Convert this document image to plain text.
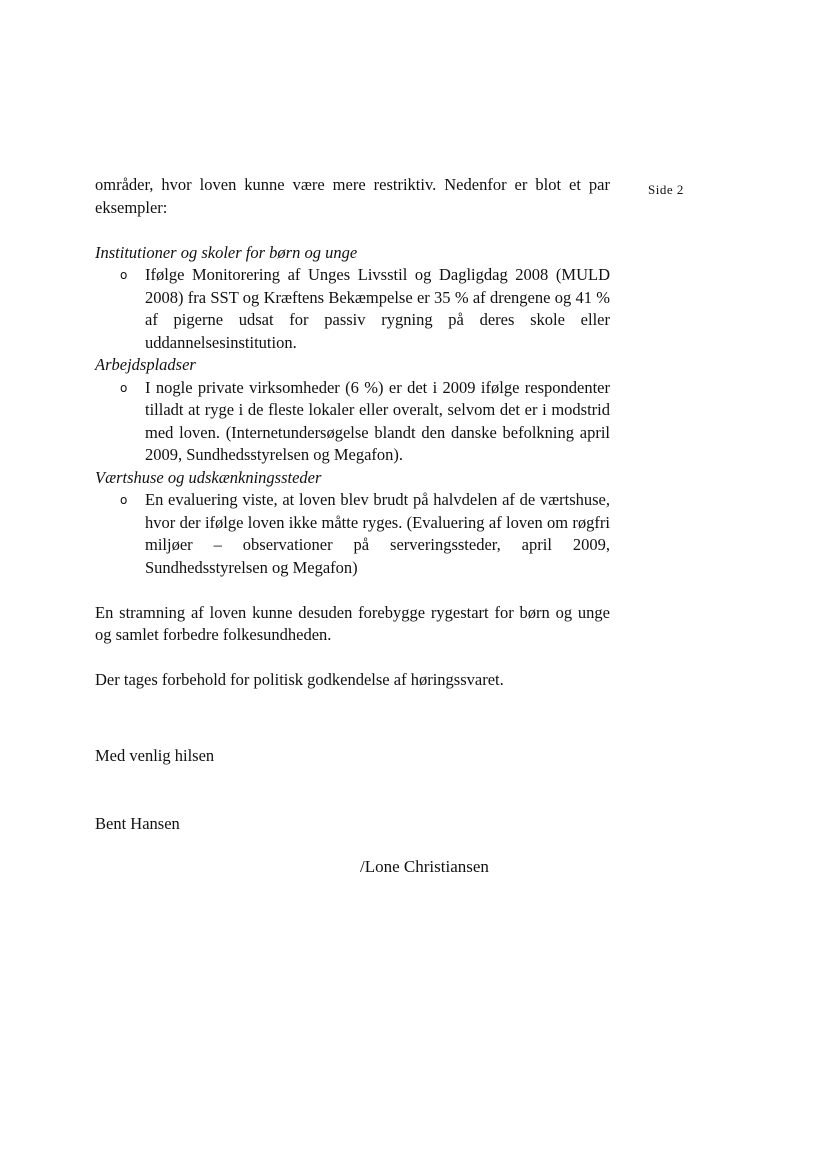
Side 2

områder, hvor loven kunne være mere restriktiv. Nedenfor er blot et par eksempler:

Institutioner og skoler for børn og unge

o Ifølge Monitorering af Unges Livsstil og Dagligdag 2008 (MULD 2008) fra SST og Kræftens Bekæmpelse er 35 % af drengene og 41 % af pigerne udsat for passiv rygning på deres skole eller uddannelsesinstitution.

Arbejdspladser

o I nogle private virksomheder (6 %) er det i 2009 ifølge respondenter tilladt at ryge i de fleste lokaler eller overalt, selvom det er i modstrid med loven. (Internetundersøgelse blandt den danske befolkning april 2009, Sundhedsstyrelsen og Megafon).

Værtshuse og udskænkningssteder

o En evaluering viste, at loven blev brudt på halvdelen af de værtshuse, hvor der ifølge loven ikke måtte ryges. (Evaluering af loven om røgfri miljøer – observationer på serveringssteder, april 2009, Sundhedsstyrelsen og Megafon)

En stramning af loven kunne desuden forebygge rygestart for børn og unge og samlet forbedre folkesundheden.

Der tages forbehold for politisk godkendelse af høringssvaret.

Med venlig hilsen
Bent Hansen
/Lone Christiansen
